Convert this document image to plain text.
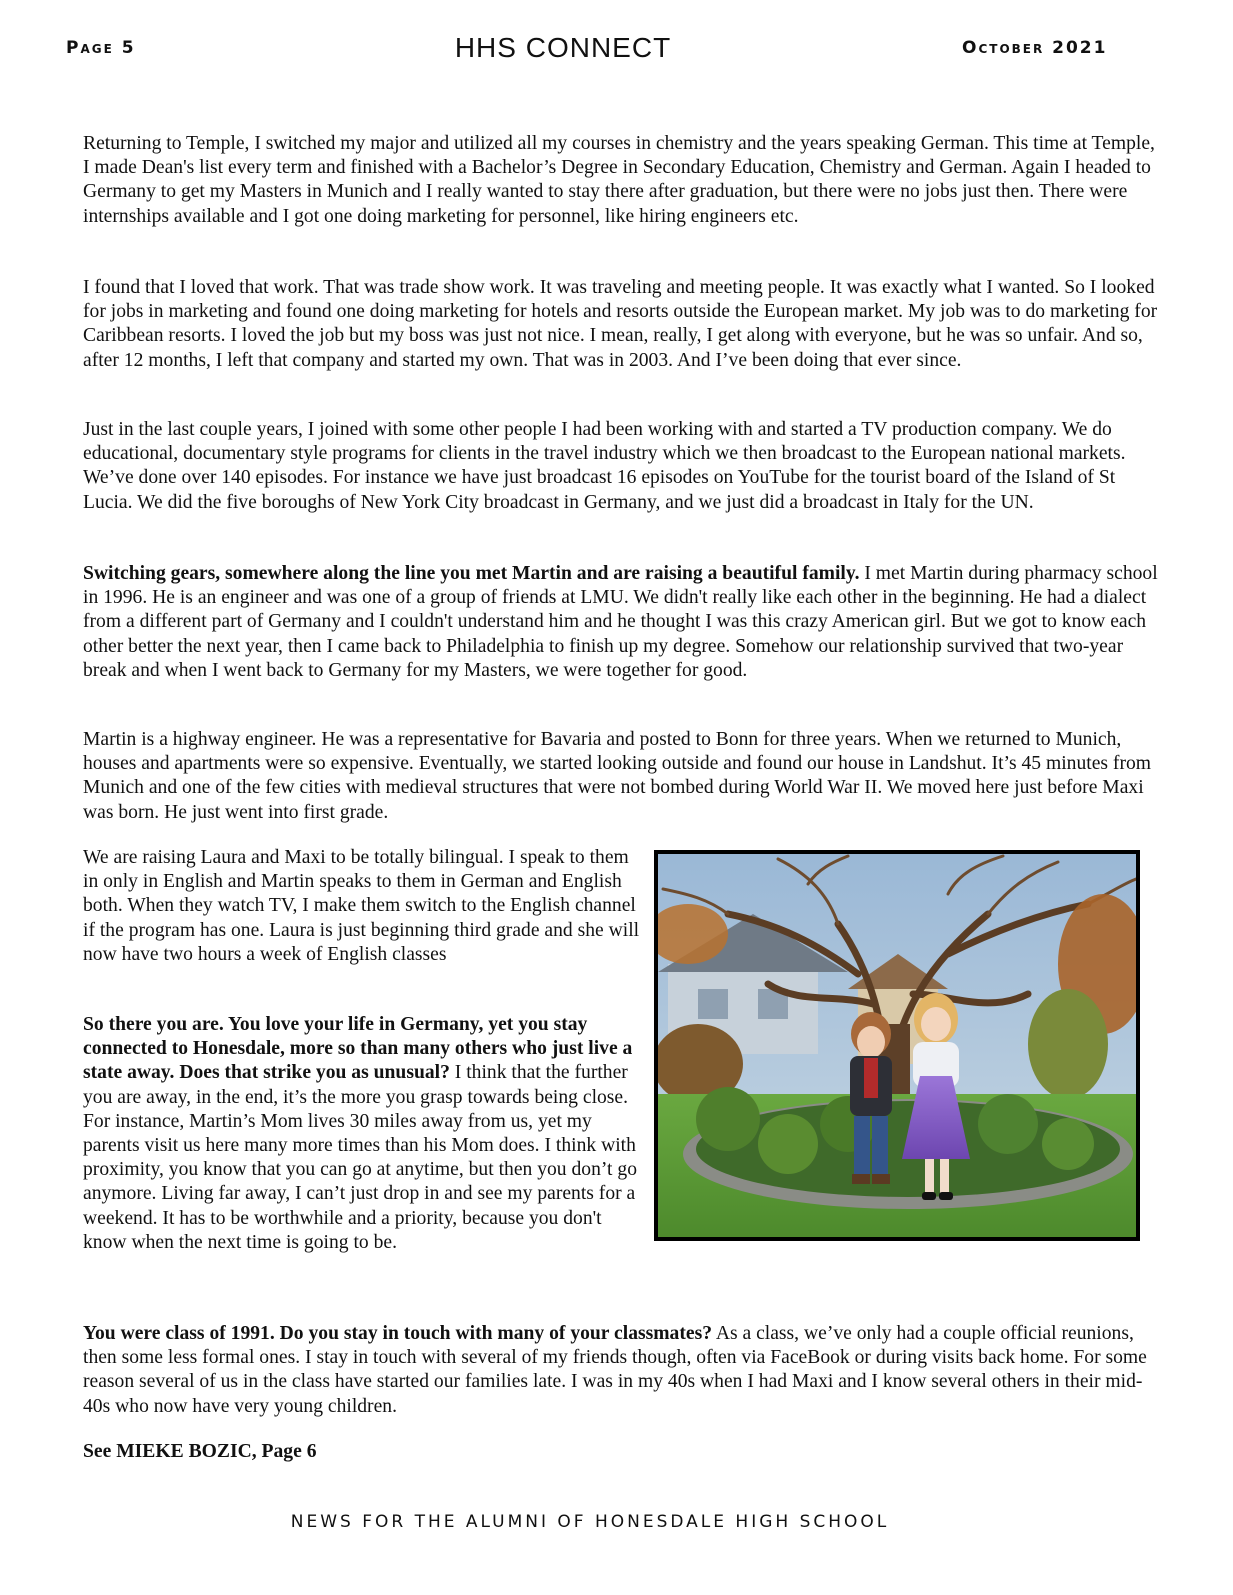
Page 5	HHS CONNECT	October 2021

Returning to Temple, I switched my major and utilized all my courses in chemistry and the years speaking German. This time at Temple, I made Dean's list every term and finished with a Bachelor’s Degree in Secondary Education, Chemistry and German. Again I headed to Germany to get my Masters in Munich and I really wanted to stay there after graduation, but there were no jobs just then. There were internships available and I got one doing marketing for personnel, like hiring engineers etc.

I found that I loved that work. That was trade show work. It was traveling and meeting people. It was exactly what I wanted. So I looked for jobs in marketing and found one doing marketing for hotels and resorts outside the European market. My job was to do marketing for Caribbean resorts. I loved the job but my boss was just not nice. I mean, really, I get along with everyone, but he was so unfair. And so, after 12 months, I left that company and started my own. That was in 2003. And I’ve been doing that ever since.

Just in the last couple years, I joined with some other people I had been working with and started a TV production company. We do educational, documentary style programs for clients in the travel industry which we then broadcast to the European national markets. We’ve done over 140 episodes. For instance we have just broadcast 16 episodes on YouTube for the tourist board of the Island of St Lucia. We did the five boroughs of New York City broadcast in Germany, and we just did a broadcast in Italy for the UN.

Switching gears, somewhere along the line you met Martin and are raising a beautiful family. I met Martin during pharmacy school in 1996. He is an engineer and was one of a group of friends at LMU. We didn't really like each other in the beginning. He had a dialect from a different part of Germany and I couldn't understand him and he thought I was this crazy American girl. But we got to know each other better the next year, then I came back to Philadelphia to finish up my degree. Somehow our relationship survived that two-year break and when I went back to Germany for my Masters, we were together for good.

Martin is a highway engineer. He was a representative for Bavaria and posted to Bonn for three years. When we returned to Munich, houses and apartments were so expensive. Eventually, we started looking outside and found our house in Landshut. It’s 45 minutes from Munich and one of the few cities with medieval structures that were not bombed during World War II. We moved here just before Maxi was born. He just went into first grade.

We are raising Laura and Maxi to be totally bilingual. I speak to them in only in English and Martin speaks to them in German and English both. When they watch TV, I make them switch to the English channel if the program has one. Laura is just beginning third grade and she will now have two hours a week of English classes

So there you are. You love your life in Germany, yet you stay connected to Honesdale, more so than many others who just live a state away. Does that strike you as unusual? I think that the further you are away, in the end, it’s the more you grasp towards being close. For instance, Martin’s Mom lives 30 miles away from us, yet my parents visit us here many more times than his Mom does. I think with proximity, you know that you can go at anytime, but then you don’t go anymore. Living far away, I can’t just drop in and see my parents for a weekend. It has to be worthwhile and a priority, because you don't know when the next time is going to be.

You were class of 1991. Do you stay in touch with many of your classmates? As a class, we’ve only had a couple official reunions, then some less formal ones. I stay in touch with several of my friends though, often via FaceBook or during visits back home. For some reason several of us in the class have started our families late. I was in my 40s when I had Maxi and I know several others in their mid-40s who now have very young children.

See MIEKE BOZIC, Page 6

NEWS FOR THE ALUMNI OF HONESDALE HIGH SCHOOL
